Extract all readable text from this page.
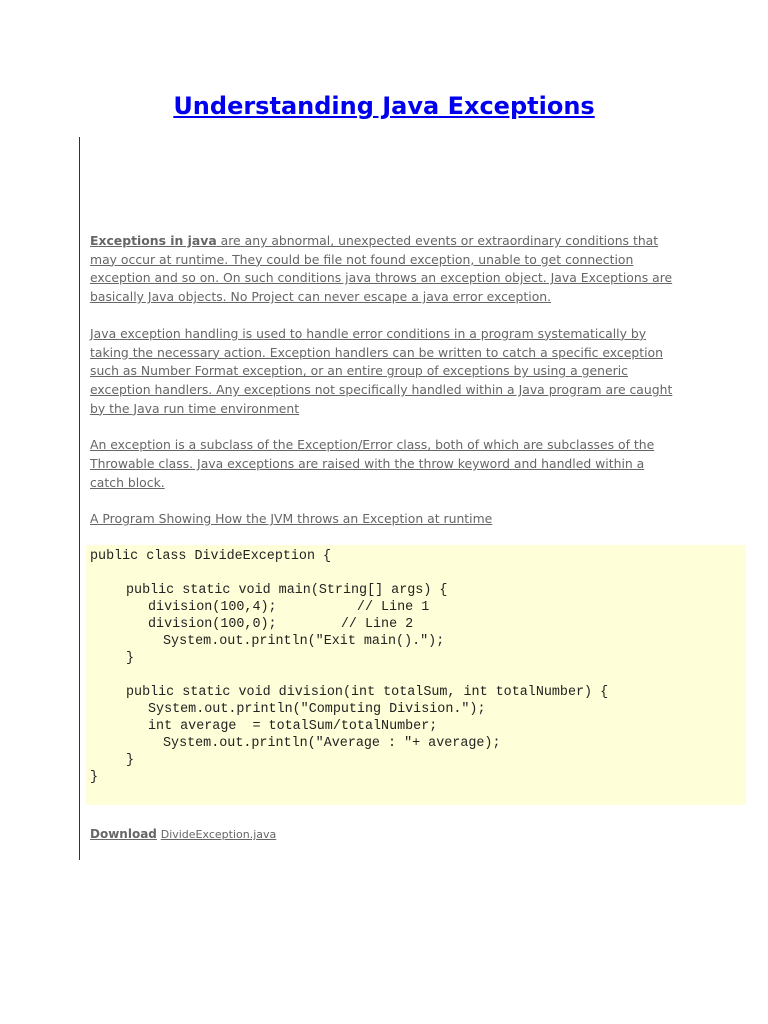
Understanding Java Exceptions

Exceptions in java are any abnormal, unexpected events or extraordinary conditions that may occur at runtime. They could be file not found exception, unable to get connection exception and so on. On such conditions java throws an exception object. Java Exceptions are basically Java objects. No Project can never escape a java error exception.

Java exception handling is used to handle error conditions in a program systematically by taking the necessary action. Exception handlers can be written to catch a specific exception such as Number Format exception, or an entire group of exceptions by using a generic exception handlers. Any exceptions not specifically handled within a Java program are caught by the Java run time environment

An exception is a subclass of the Exception/Error class, both of which are subclasses of the Throwable class. Java exceptions are raised with the throw keyword and handled within a catch block.

A Program Showing How the JVM throws an Exception at runtime

public class DivideException {
public static void main(String[] args) {
division(100,4);          // Line 1
division(100,0);        // Line 2
System.out.println("Exit main().");
}
public static void division(int totalSum, int totalNumber) {
System.out.println("Computing Division.");
int average  = totalSum/totalNumber;
System.out.println("Average : "+ average);
}
}
Download DivideException.java
